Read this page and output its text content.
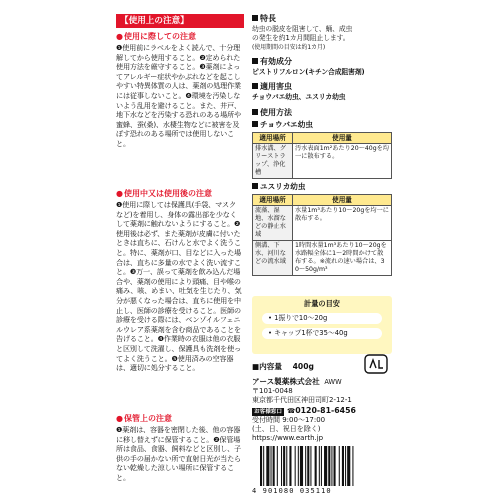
【使用上の注意】
●使用に際しての注意
❶使用前にラベルをよく読んで、十分理解してから使用すること。❷定められた使用方法を厳守すること。❸薬剤によってアレルギー症状やかぶれなどを起こしやすい特異体質の人は、薬剤の処理作業には従事しないこと。❹環境を汚染しないよう乱用を避けること。また、井戸、地下水などを汚染する恐れのある場所や蜜蜂、蚕(桑)、水棲生物などに被害を及ぼす恐れのある場所では使用しないこと。
●使用中又は使用後の注意
❶使用に際しては保護具(手袋、マスクなど)を着用し、身体の露出部を少なくして薬剤に触れないようにすること。❷使用後は必ず、また薬剤が皮膚に付いたときは直ちに、石けんと水でよく洗うこと。特に、薬剤が口、目などに入った場合は、直ちに多量の水でよく洗い流すこと。❸万一、誤って薬剤を飲み込んだ場合や、薬剤の使用により頭痛、目や喉の痛み、咳、めまい、吐気を生じたり、気分が悪くなった場合は、直ちに使用を中止し、医師の診療を受けること。医師の診療を受ける際には、ベンゾイルフェニルウレア系薬剤を含む商品であることを告げること。❹作業時の衣服は他の衣服と区別して洗濯し、保護具も洗剤を使ってよく洗うこと。❺使用済みの空容器は、適切に処分すること。
●保管上の注意
❶薬剤は、容器を密閉した後、他の容器に移し替えずに保管すること。❷保管場所は食品、食器、飼料などと区別し、子供の手の届かない所で直射日光が当たらない乾燥した涼しい場所に保管すること。
特長
幼虫の脱皮を阻害して、蛹、成虫
の発生を約1カ月間阻止します。
(使用期間の目安は約1カ月)
有効成分
ピストリフルロン(キチン合成阻害剤)
適用害虫
チョウバエ幼虫、ユスリカ幼虫
使用方法
チョウバエ幼虫
適用場所	使用量
排水溝、グリーストラップ、浄化槽	汚水表面1m²あたり20〜40gを均一に散布する。
ユスリカ幼虫
適用場所	使用量
流藻、湿地、水溜などの静止水域	水量1m³あたり10〜20gを均一に散布する。
側溝、下水、河川などの流水域	1時間水量1m³あたり10〜20gを水路幅全体に1〜2時間かけて散布する。※流れの速い場合は、30〜50g/m³
計量の目安
• 1振りで10〜20g
• キャップ1杯で35〜40g
■内容量 400g
アース製薬株式会社 AWW
〒101-0048
東京都千代田区神田司町2-12-1
お客様窓口 ☎0120-81-6456
受付時間 9:00〜17:00
(土、日、祝日を除く)
https://www.earth.jp
4 901080 035110
